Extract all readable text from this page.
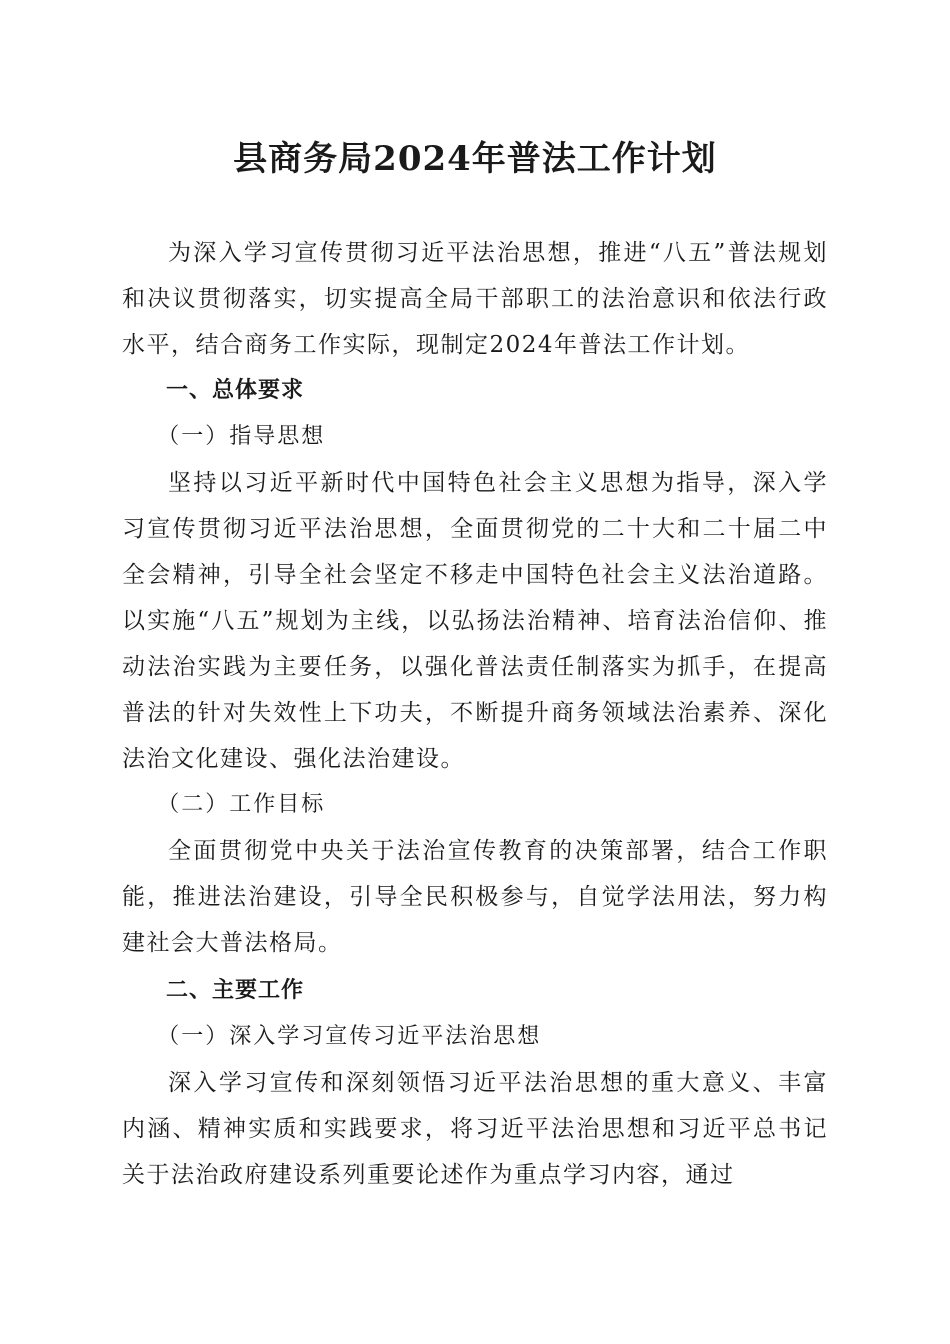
县商务局2024年普法工作计划

为深入学习宣传贯彻习近平法治思想，推进“八五”普法规划和决议贯彻落实，切实提高全局干部职工的法治意识和依法行政水平，结合商务工作实际，现制定2024年普法工作计划。

一、总体要求

（一）指导思想

坚持以习近平新时代中国特色社会主义思想为指导，深入学习宣传贯彻习近平法治思想，全面贯彻党的二十大和二十届二中全会精神，引导全社会坚定不移走中国特色社会主义法治道路。以实施“八五”规划为主线，以弘扬法治精神、培育法治信仰、推动法治实践为主要任务，以强化普法责任制落实为抓手，在提高普法的针对失效性上下功夫，不断提升商务领域法治素养、深化法治文化建设、强化法治建设。

（二）工作目标

全面贯彻党中央关于法治宣传教育的决策部署，结合工作职能，推进法治建设，引导全民积极参与，自觉学法用法，努力构建社会大普法格局。

二、主要工作

（一）深入学习宣传习近平法治思想

深入学习宣传和深刻领悟习近平法治思想的重大意义、丰富内涵、精神实质和实践要求，将习近平法治思想和习近平总书记关于法治政府建设系列重要论述作为重点学习内容，通过
